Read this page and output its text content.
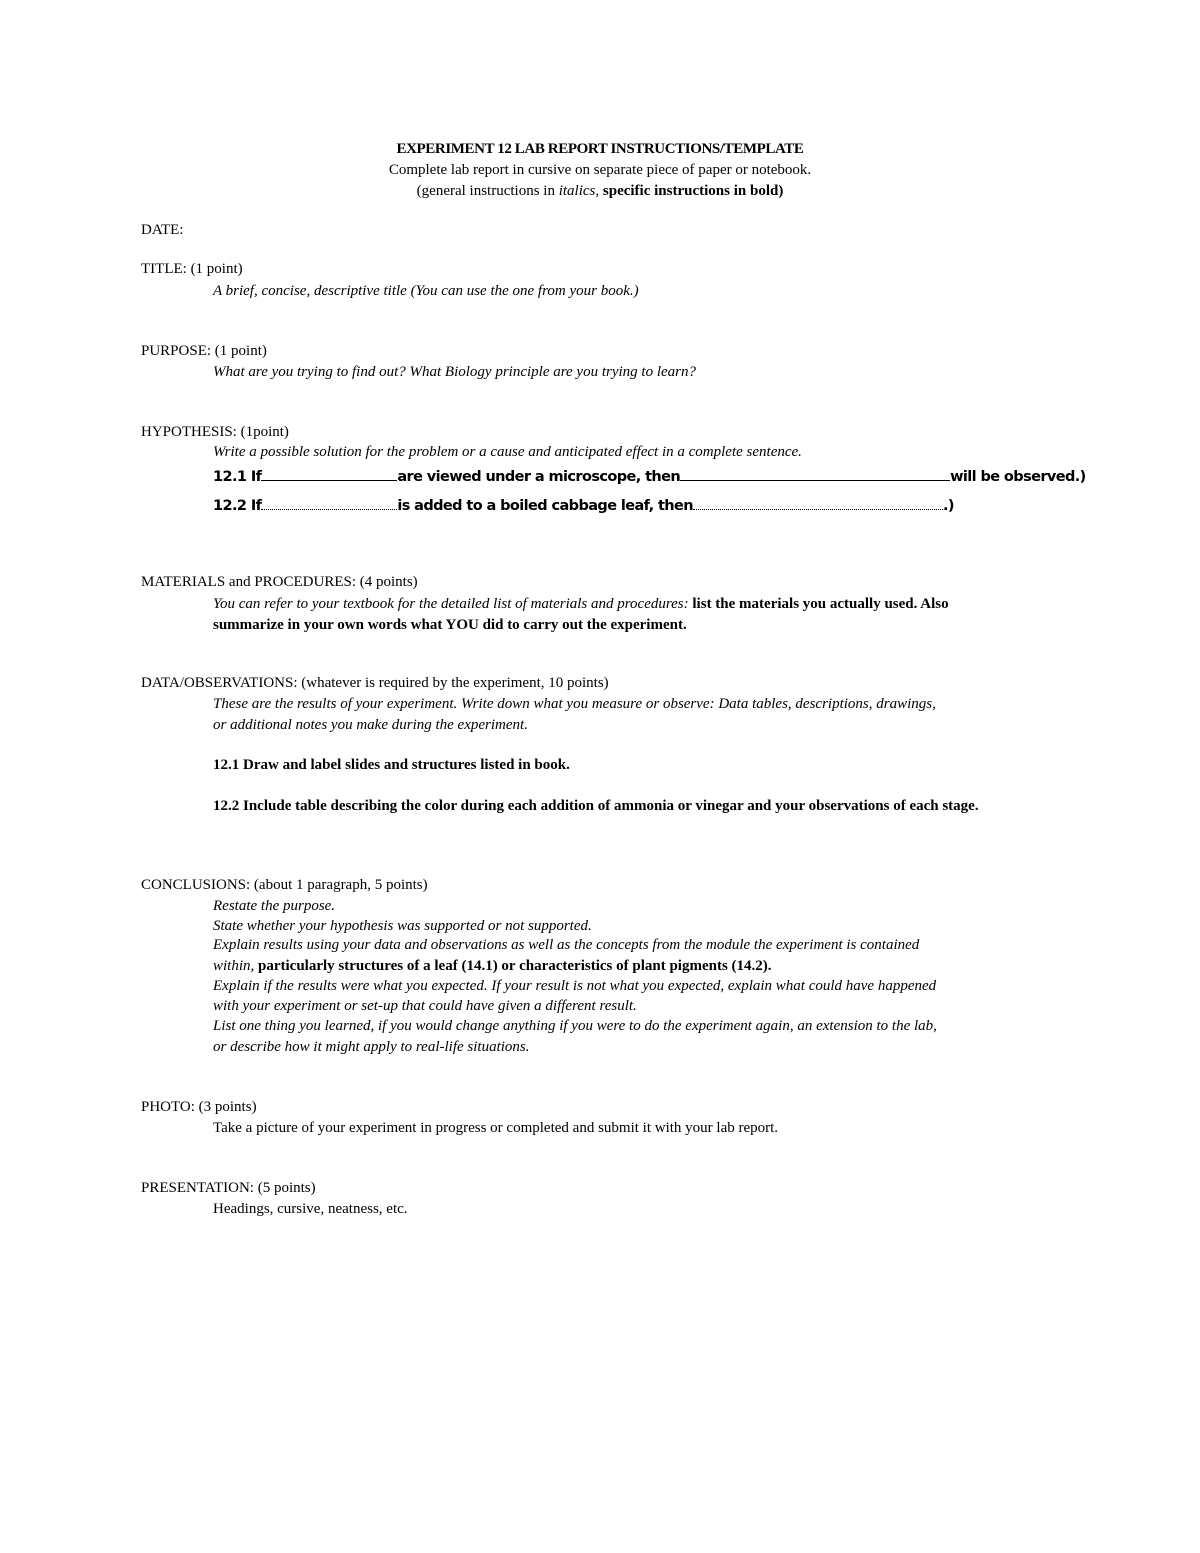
EXPERIMENT 12 LAB REPORT INSTRUCTIONS/TEMPLATE
Complete lab report in cursive on separate piece of paper or notebook.
(general instructions in italics, specific instructions in bold)
DATE:
TITLE: (1 point)
A brief, concise, descriptive title (You can use the one from your book.)
PURPOSE: (1 point)
What are you trying to find out? What Biology principle are you trying to learn?
HYPOTHESIS: (1point)
Write a possible solution for the problem or a cause and anticipated effect in a complete sentence.
12.1 If	are viewed under a microscope, then	will be observed.)
12.2 If	is added to a boiled cabbage leaf, then	.)
MATERIALS and PROCEDURES: (4 points)
You can refer to your textbook for the detailed list of materials and procedures: list the materials you actually used. Also
summarize in your own words what YOU did to carry out the experiment.
DATA/OBSERVATIONS: (whatever is required by the experiment, 10 points)
These are the results of your experiment. Write down what you measure or observe: Data tables, descriptions, drawings,
or additional notes you make during the experiment.
12.1 Draw and label slides and structures listed in book.
12.2 Include table describing the color during each addition of ammonia or vinegar and your observations of each stage.
CONCLUSIONS: (about 1 paragraph, 5 points)
Restate the purpose.
State whether your hypothesis was supported or not supported.
Explain results using your data and observations as well as the concepts from the module the experiment is contained
within, particularly structures of a leaf (14.1) or characteristics of plant pigments (14.2).
Explain if the results were what you expected. If your result is not what you expected, explain what could have happened
with your experiment or set-up that could have given a different result.
List one thing you learned, if you would change anything if you were to do the experiment again, an extension to the lab,
or describe how it might apply to real-life situations.
PHOTO: (3 points)
Take a picture of your experiment in progress or completed and submit it with your lab report.
PRESENTATION: (5 points)
Headings, cursive, neatness, etc.
